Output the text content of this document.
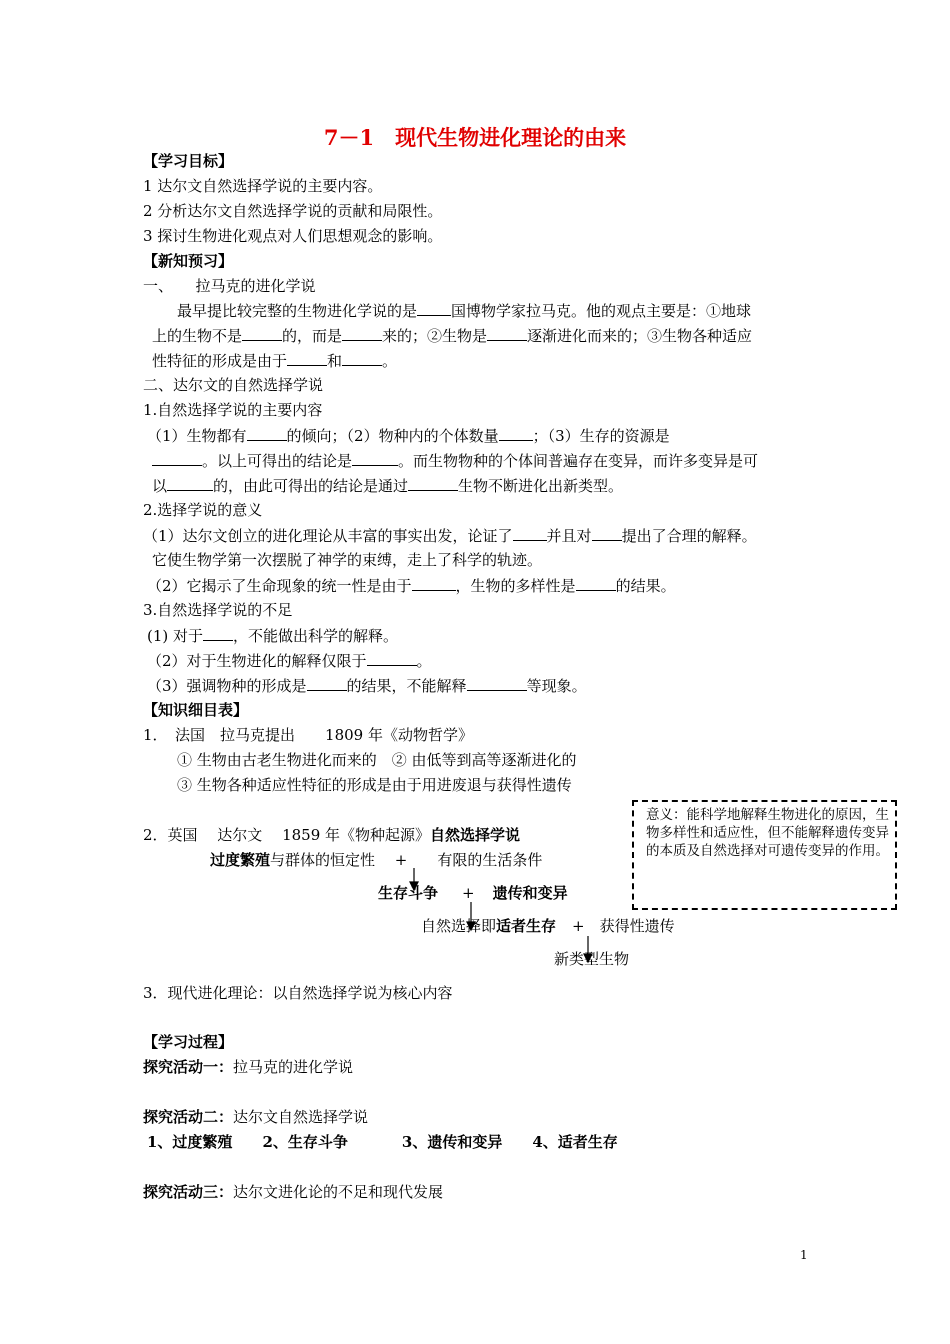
7－1　现代生物进化理论的由来
【学习目标】
1 达尔文自然选择学说的主要内容。
2 分析达尔文自然选择学说的贡献和局限性。
3 探讨生物进化观点对人们思想观念的影响。
【新知预习】
一、　　拉马克的进化学说
最早提比较完整的生物进化学说的是 国博物学家拉马克。他的观点主要是：①地球
上的生物不是	的，而是	来的；②生物是	逐渐进化而来的；③生物各种适应
性特征的形成是由于	和	。
二、达尔文的自然选择学说
1.自然选择学说的主要内容
（1）生物都有	的倾向；（2）物种内的个体数量 ；（3）生存的资源是
。以上可得出的结论是	。而生物物种的个体间普遍存在变异，而许多变异是可
以	的，由此可得出的结论是通过	生物不断进化出新类型。
2.选择学说的意义
（1）达尔文创立的进化理论从丰富的事实出发，论证了 并且对 提出了合理的解释。
它使生物学第一次摆脱了神学的束缚，走上了科学的轨迹。
（2）它揭示了生命现象的统一性是由于	，生物的多样性是	的结果。
3.自然选择学说的不足
(1) 对于 ，不能做出科学的解释。
（2）对于生物进化的解释仅限于	。
（3）强调物种的形成是	的结果，不能解释	等现象。
【知识细目表】
1．　法国　拉马克提出　　1809 年《动物哲学》
① 生物由古老生物进化而来的　② 由低等到高等逐渐进化的
③ 生物各种适应性特征的形成是由于用进废退与获得性遗传
意义：能科学地解释生物进化的原因，生物多样性和适应性，但不能解释遗传变异的本质及自然选择对可遗传变异的作用。
2．英国　 达尔文　 1859 年《物种起源》自然选择学说
过度繁殖与群体的恒定性　 +　　有限的生活条件
生存斗争 + 遗传和变异
自然选择即适者生存 +　获得性遗传
新类型生物
3．现代进化理论：以自然选择学说为核心内容
【学习过程】
探究活动一：拉马克的进化学说
探究活动二：达尔文自然选择学说
1、过度繁殖 2、生存斗争	3、遗传和变异 4、适者生存
探究活动三：达尔文进化论的不足和现代发展
1
